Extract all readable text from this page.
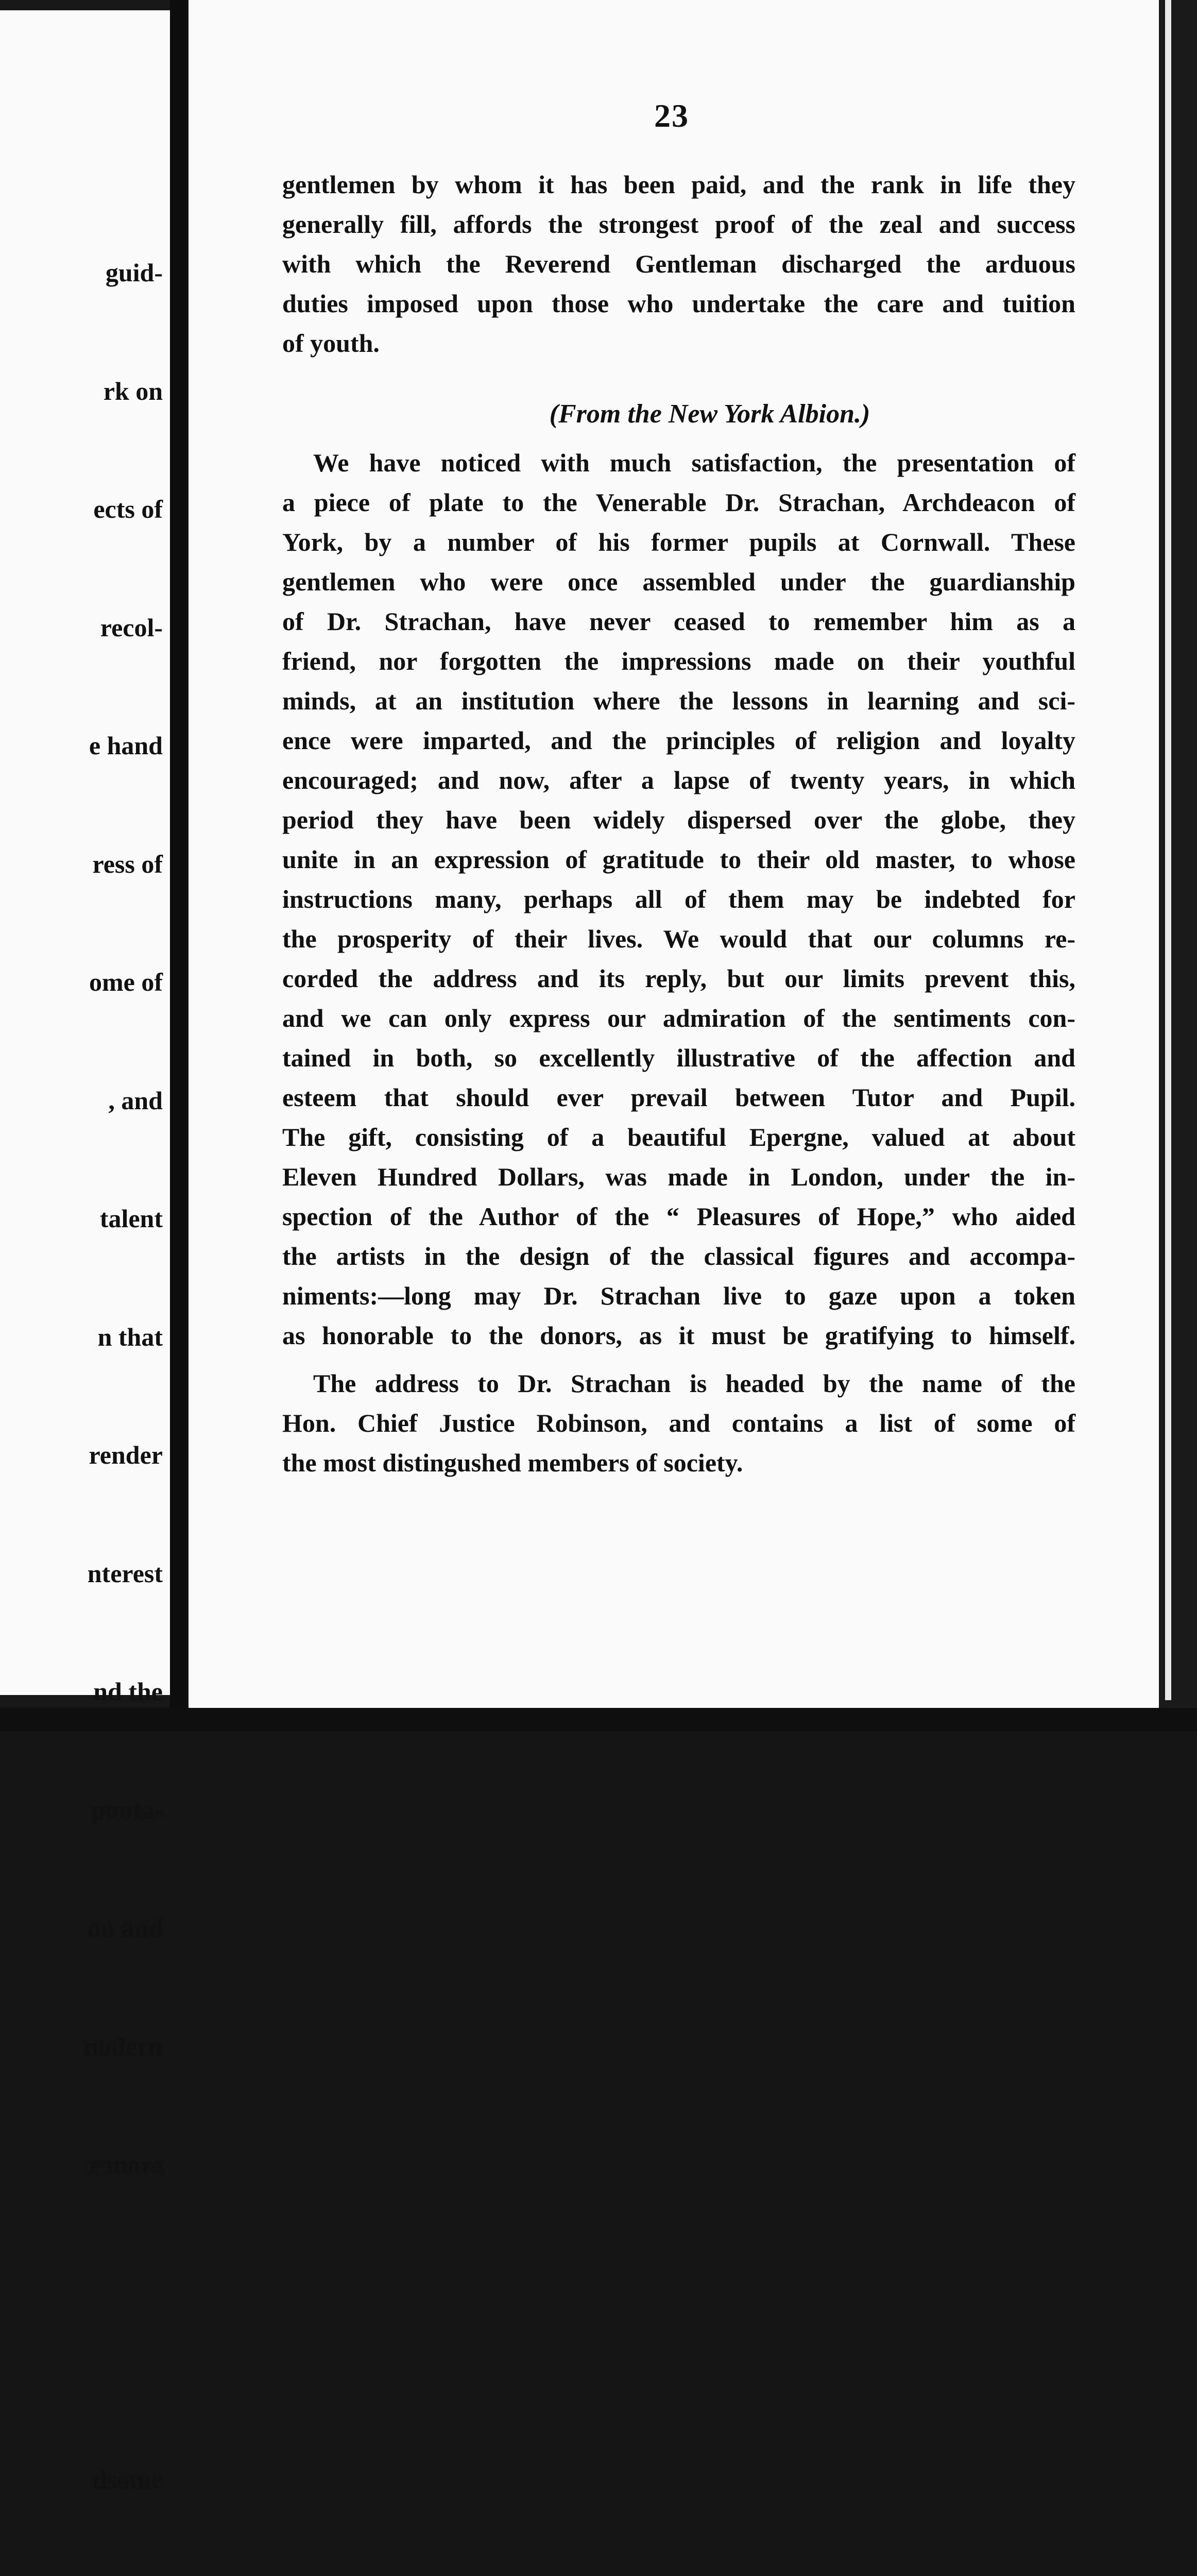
guid-

rk on

ects of

recol-

e hand

ress of

ome of

, and

talent

n that

render

nterest

nd the

ponta-

on and

nodern

r more

dsome

23
gentlemen by whom it has been paid, and the rank in life they
generally fill, affords the strongest proof of the zeal and success
with which the Reverend Gentleman discharged the arduous
duties imposed upon those who undertake the care and tuition
of youth.
(From the New York Albion.)
We have noticed with much satisfaction, the presentation of
a piece of plate to the Venerable Dr. Strachan, Archdeacon of
York, by a number of his former pupils at Cornwall. These
gentlemen who were once assembled under the guardianship
of Dr. Strachan, have never ceased to remember him as a
friend, nor forgotten the impressions made on their youthful
minds, at an institution where the lessons in learning and sci-
ence were imparted, and the principles of religion and loyalty
encouraged; and now, after a lapse of twenty years, in which
period they have been widely dispersed over the globe, they
unite in an expression of gratitude to their old master, to whose
instructions many, perhaps all of them may be indebted for
the prosperity of their lives. We would that our columns re-
corded the address and its reply, but our limits prevent this,
and we can only express our admiration of the sentiments con-
tained in both, so excellently illustrative of the affection and
esteem that should ever prevail between Tutor and Pupil.
The gift, consisting of a beautiful Epergne, valued at about
Eleven Hundred Dollars, was made in London, under the in-
spection of the Author of the “ Pleasures of Hope,” who aided
the artists in the design of the classical figures and accompa-
niments:—long may Dr. Strachan live to gaze upon a token
as honorable to the donors, as it must be gratifying to himself.
The address to Dr. Strachan is headed by the name of the
Hon. Chief Justice Robinson, and contains a list of some of
the most distingushed members of society.
